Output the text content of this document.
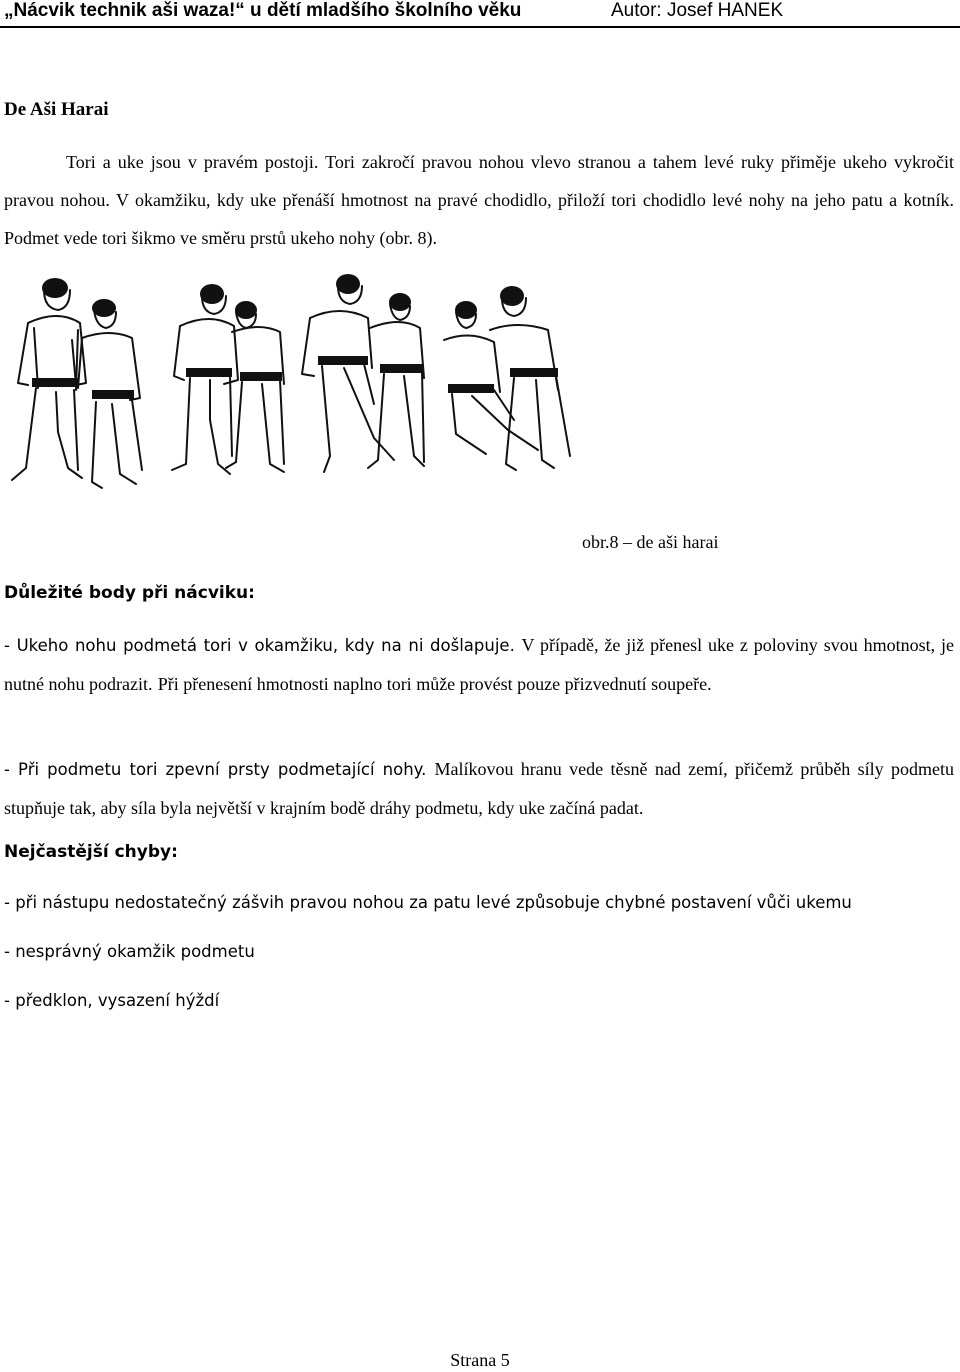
„Nácvik technik aši waza!“ u dětí mladšího školního věku	Autor: Josef HANEK
De Aši Harai
Tori a uke jsou v pravém postoji. Tori zakročí pravou nohou vlevo stranou a tahem levé ruky přiměje ukeho vykročit pravou nohou. V okamžiku, kdy uke přenáší hmotnost na pravé chodidlo, přiloží tori chodidlo levé nohy na jeho patu a kotník. Podmet vede tori šikmo ve směru prstů ukeho nohy (obr. 8).
obr.8 – de aši harai
Důležité body při nácviku:
- Ukeho nohu podmetá tori v okamžiku, kdy na ni došlapuje. V případě, že již přenesl uke z poloviny svou hmotnost, je nutné nohu podrazit. Při přenesení hmotnosti naplno tori může provést pouze přizvednutí soupeře.
- Při podmetu tori zpevní prsty podmetající nohy. Malíkovou hranu vede těsně nad zemí, přičemž průběh síly podmetu stupňuje tak, aby síla byla největší v krajním bodě dráhy podmetu, kdy uke začíná padat.
Nejčastější chyby:
- při nástupu nedostatečný zášvih pravou nohou za patu levé způsobuje chybné postavení vůči ukemu
- nesprávný okamžik podmetu
- předklon, vysazení hýždí
Strana 5
